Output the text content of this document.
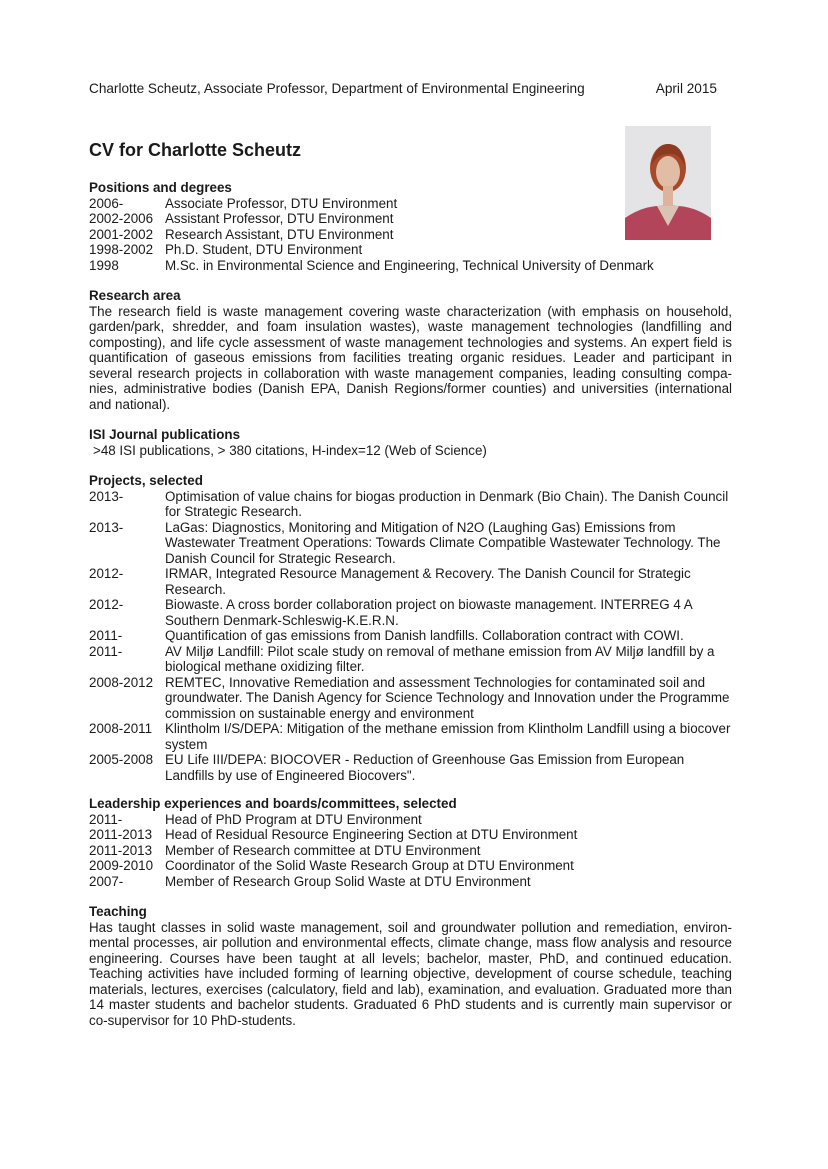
Charlotte Scheutz, Associate Professor, Department of Environmental Engineering	April 2015
CV for Charlotte Scheutz
Positions and degrees
2006-	Associate Professor, DTU Environment
2002-2006 Assistant Professor, DTU Environment
2001-2002 Research Assistant, DTU Environment
1998-2002 Ph.D. Student, DTU Environment
1998	M.Sc. in Environmental Science and Engineering, Technical University of Denmark
Research area

The research field is waste management covering waste characterization (with emphasis on household, garden/park, shredder, and foam insulation wastes), waste management technologies (landfilling and composting), and life cycle assessment of waste management technologies and systems. An expert field is quantification of gaseous emissions from facilities treating organic residues. Leader and participant in several research projects in collaboration with waste management companies, leading consulting companies, administrative bodies (Danish EPA, Danish Regions/former counties) and universities (international and national).

ISI Journal publications
>48 ISI publications, > 380 citations, H-index=12 (Web of Science)
Projects, selected
2013-	Optimisation of value chains for biogas production in Denmark (Bio Chain). The Danish Council for Strategic Research.
2013-	LaGas: Diagnostics, Monitoring and Mitigation of N2O (Laughing Gas) Emissions from Wastewater Treatment Operations: Towards Climate Compatible Wastewater Technology. The Danish Council for Strategic Research.
2012-	IRMAR, Integrated Resource Management & Recovery. The Danish Council for Strategic Research.
2012-	Biowaste. A cross border collaboration project on biowaste management. INTERREG 4 A Southern Denmark-Schleswig-K.E.R.N.
2011-	Quantification of gas emissions from Danish landfills. Collaboration contract with COWI.
2011-	AV Miljø Landfill: Pilot scale study on removal of methane emission from AV Miljø landfill by a biological methane oxidizing filter.
2008-2012 REMTEC, Innovative Remediation and assessment Technologies for contaminated soil and groundwater. The Danish Agency for Science Technology and Innovation under the Programme commission on sustainable energy and environment
2008-2011 Klintholm I/S/DEPA: Mitigation of the methane emission from Klintholm Landfill using a biocover system
2005-2008 EU Life III/DEPA: BIOCOVER - Reduction of Greenhouse Gas Emission from European Landfills by use of Engineered Biocovers".
Leadership experiences and boards/committees, selected
2011-	Head of PhD Program at DTU Environment
2011-2013 Head of Residual Resource Engineering Section at DTU Environment
2011-2013 Member of Research committee at DTU Environment
2009-2010 Coordinator of the Solid Waste Research Group at DTU Environment
2007-	Member of Research Group Solid Waste at DTU Environment
Teaching

Has taught classes in solid waste management, soil and groundwater pollution and remediation, environmental processes, air pollution and environmental effects, climate change, mass flow analysis and resource engineering. Courses have been taught at all levels; bachelor, master, PhD, and continued education. Teaching activities have included forming of learning objective, development of course schedule, teaching materials, lectures, exercises (calculatory, field and lab), examination, and evaluation. Graduated more than 14 master students and bachelor students. Graduated 6 PhD students and is currently main supervisor or co-supervisor for 10 PhD-students.
